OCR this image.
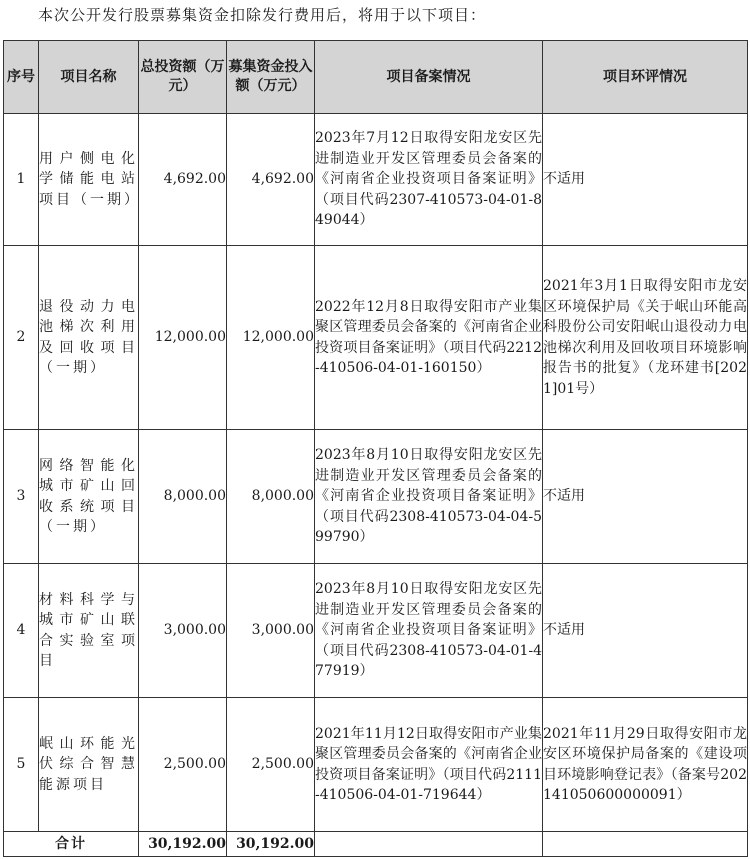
本次公开发行股票募集资金扣除发行费用后，将用于以下项目：
序号	项目名称	总投资额（万元）	募集资金投入额（万元）	项目备案情况	项目环评情况
1	用户侧电化学储能电站项目（一期）	4,692.00	4,692.00	2023年7月12日取得安阳龙安区先进制造业开发区管理委员会备案的《河南省企业投资项目备案证明》（项目代码2307-410573-04-01-849044）	不适用
2	退役动力电池梯次利用及回收项目（一期）	12,000.00	12,000.00	2022年12月8日取得安阳市产业集聚区管理委员会备案的《河南省企业投资项目备案证明》（项目代码2212-410506-04-01-160150）	2021年3月1日取得安阳市龙安区环境保护局《关于岷山环能高科股份公司安阳岷山退役动力电池梯次利用及回收项目环境影响报告书的批复》（龙环建书[2021]01号）
3	网络智能化城市矿山回收系统项目（一期）	8,000.00	8,000.00	2023年8月10日取得安阳龙安区先进制造业开发区管理委员会备案的《河南省企业投资项目备案证明》（项目代码2308-410573-04-04-599790）	不适用
4	材料科学与城市矿山联合实验室项目	3,000.00	3,000.00	2023年8月10日取得安阳龙安区先进制造业开发区管理委员会备案的《河南省企业投资项目备案证明》（项目代码2308-410573-04-01-477919）	不适用
5	岷山环能光伏综合智慧能源项目	2,500.00	2,500.00	2021年11月12日取得安阳市产业集聚区管理委员会备案的《河南省企业投资项目备案证明》（项目代码2111-410506-04-01-719644）	2021年11月29日取得安阳市龙安区环境保护局备案的《建设项目环境影响登记表》（备案号202141050600000091）
合计		30,192.00	30,192.00		
